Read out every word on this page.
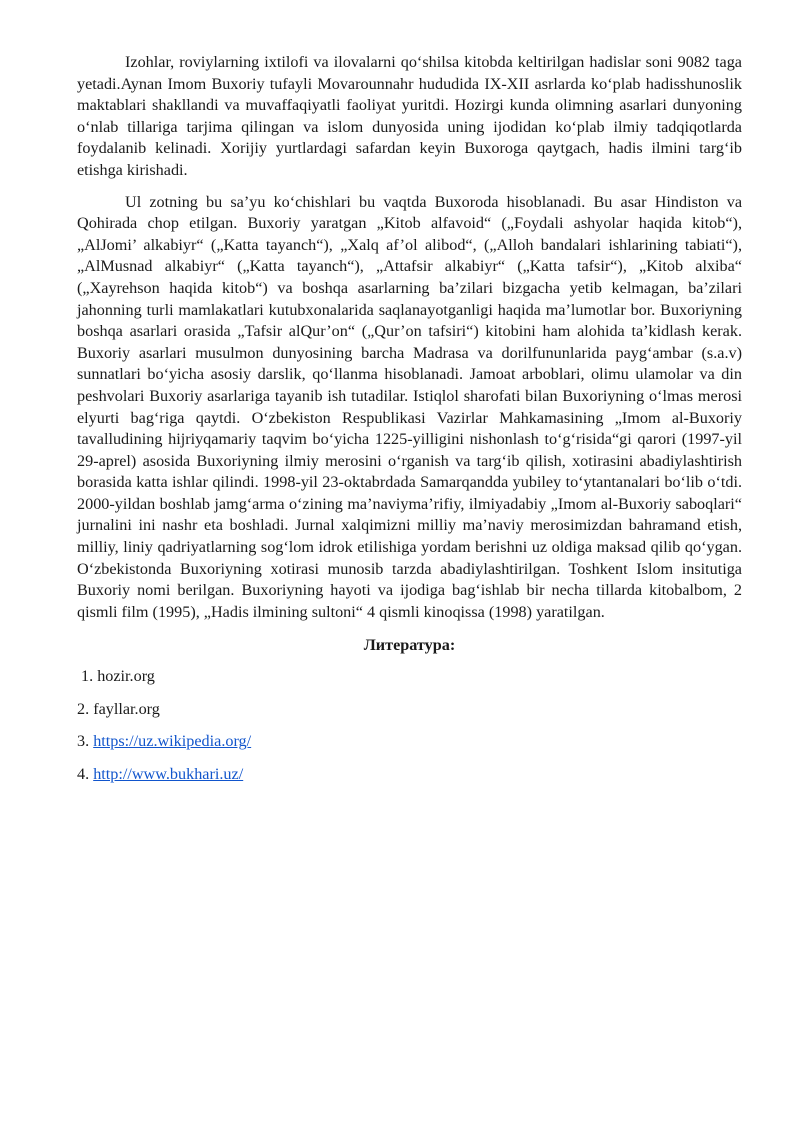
Izohlar, roviylarning ixtilofi va ilovalarni qo‘shilsa kitobda keltirilgan hadislar soni 9082 taga yetadi.Aynan Imom Buxoriy tufayli Movarounnahr hududida IX-XII asrlarda ko‘plab hadisshunoslik maktablari shakllandi va muvaffaqiyatli faoliyat yuritdi. Hozirgi kunda olimning asarlari dunyoning o‘nlab tillariga tarjima qilingan va islom dunyosida uning ijodidan ko‘plab ilmiy tadqiqotlarda foydalanib kelinadi. Xorijiy yurtlardagi safardan keyin Buxoroga qaytgach, hadis ilmini targ‘ib etishga kirishadi.

Ul zotning bu sa’yu ko‘chishlari bu vaqtda Buxoroda hisoblanadi. Bu asar Hindiston va Qohirada chop etilgan. Buxoriy yaratgan „Kitob alfavoid“ („Foydali ashyolar haqida kitob“), „AlJomi’ alkabiyr“ („Katta tayanch“), „Xalq af’ol alibod“, („Alloh bandalari ishlarining tabiati“), „AlMusnad alkabiyr“ („Katta tayanch“), „Attafsir alkabiyr“ („Katta tafsir“), „Kitob alxiba“ („Xayrehson haqida kitob“) va boshqa asarlarning ba’zilari bizgacha yetib kelmagan, ba’zilari jahonning turli mamlakatlari kutubxonalarida saqlanayotganligi haqida ma’lumotlar bor. Buxoriyning boshqa asarlari orasida „Tafsir alQur’on“ („Qur’on tafsiri“) kitobini ham alohida ta’kidlash kerak. Buxoriy asarlari musulmon dunyosining barcha Madrasa va dorilfununlarida payg‘ambar (s.a.v) sunnatlari bo‘yicha asosiy darslik, qo‘llanma hisoblanadi. Jamoat arboblari, olimu ulamolar va din peshvolari Buxoriy asarlariga tayanib ish tutadilar. Istiqlol sharofati bilan Buxoriyning o‘lmas merosi elyurti bag‘riga qaytdi. O‘zbekiston Respublikasi Vazirlar Mahkamasining „Imom al-Buxoriy tavalludining hijriyqamariy taqvim bo‘yicha 1225-yilligini nishonlash to‘g‘risida“gi qarori (1997-yil 29-aprel) asosida Buxoriyning ilmiy merosini o‘rganish va targ‘ib qilish, xotirasini abadiylashtirish borasida katta ishlar qilindi. 1998-yil 23-oktabrdada Samarqandda yubiley to‘ytantanalari bo‘lib o‘tdi. 2000-yildan boshlab jamg‘arma o‘zining ma’naviyma’rifiy, ilmiyadabiy „Imom al-Buxoriy saboqlari“ jurnalini ini nashr eta boshladi. Jurnal xalqimizni milliy ma’naviy merosimizdan bahramand etish, milliy, liniy qadriyatlarning sog‘lom idrok etilishiga yordam berishni uz oldiga maksad qilib qo‘ygan. O‘zbekistonda Buxoriyning xotirasi munosib tarzda abadiylashtirilgan. Toshkent Islom insitutiga Buxoriy nomi berilgan. Buxoriyning hayoti va ijodiga bag‘ishlab bir necha tillarda kitobalbom, 2 qismli film (1995), „Hadis ilmining sultoni“ 4 qismli kinoqissa (1998) yaratilgan.

Литература:
1. hozir.org
2. fayllar.org
3. https://uz.wikipedia.org/
4. http://www.bukhari.uz/
